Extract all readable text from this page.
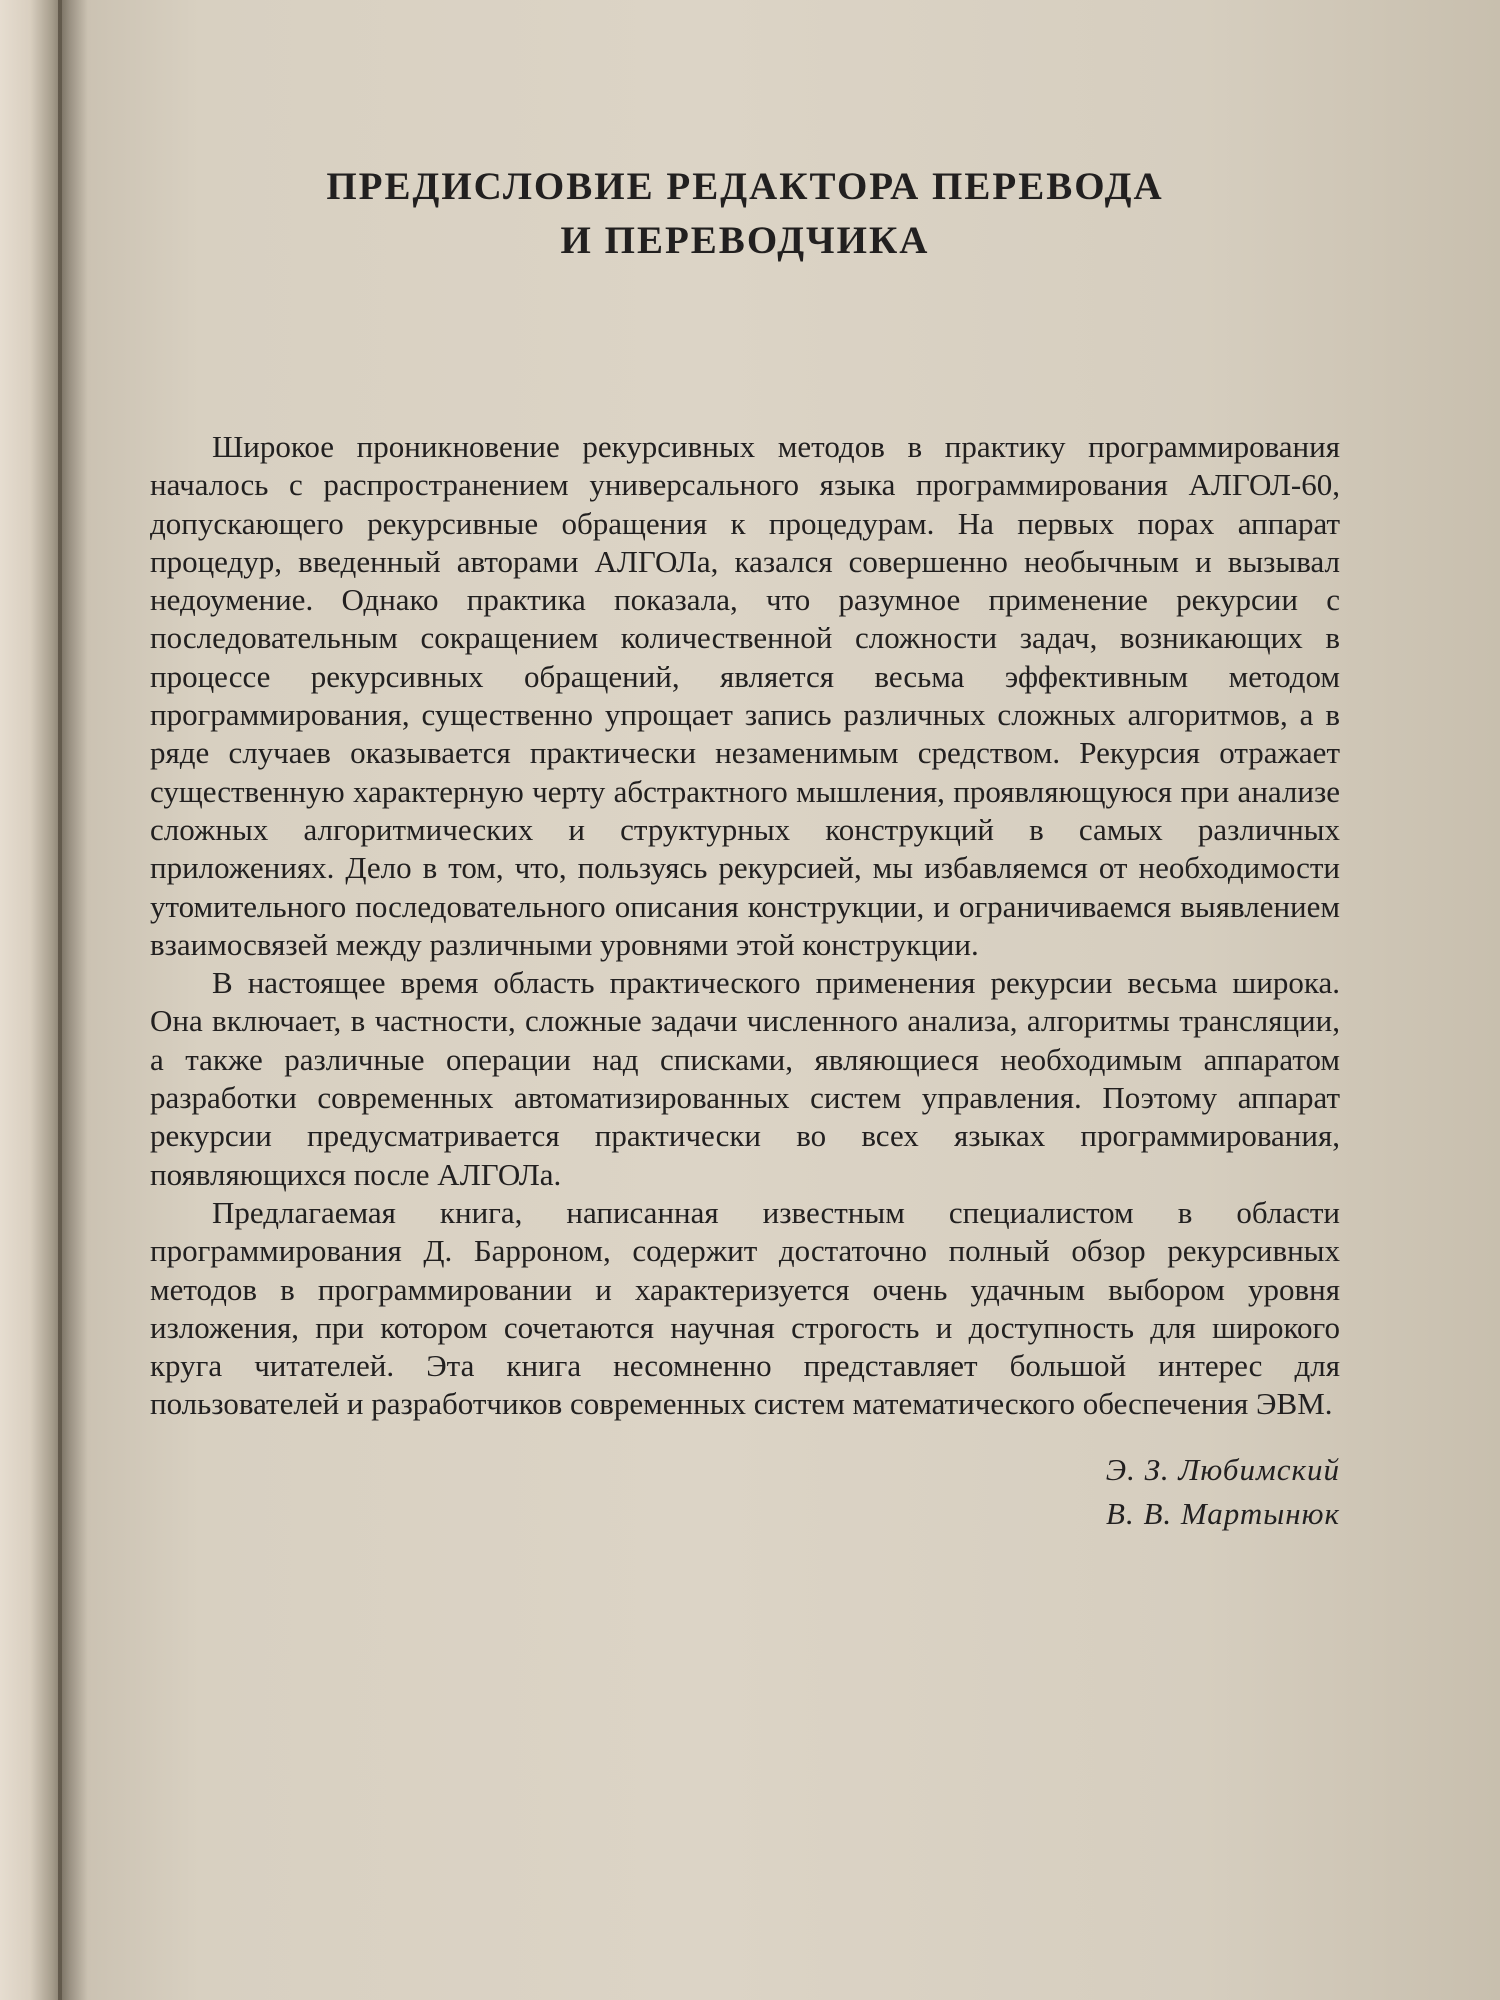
ПРЕДИСЛОВИЕ РЕДАКТОРА ПЕРЕВОДА
И ПЕРЕВОДЧИКА

Широкое проникновение рекурсивных методов в практику программирования началось с распространением универсального языка программирования АЛГОЛ-60, допускающего рекурсивные обращения к процедурам. На первых порах аппарат процедур, введенный авторами АЛГОЛа, казался совершенно необычным и вызывал недоумение. Однако практика показала, что разумное применение рекурсии с последовательным сокращением количественной сложности задач, возникающих в процессе рекурсивных обращений, является весьма эффективным методом программирования, существенно упрощает запись различных сложных алгоритмов, а в ряде случаев оказывается практически незаменимым средством. Рекурсия отражает существенную характерную черту абстрактного мышления, проявляющуюся при анализе сложных алгоритмических и структурных конструкций в самых различных приложениях. Дело в том, что, пользуясь рекурсией, мы избавляемся от необходимости утомительного последовательного описания конструкции, и ограничиваемся выявлением взаимосвязей между различными уровнями этой конструкции.

В настоящее время область практического применения рекурсии весьма широка. Она включает, в частности, сложные задачи численного анализа, алгоритмы трансляции, а также различные операции над списками, являющиеся необходимым аппаратом разработки современных автоматизированных систем управления. Поэтому аппарат рекурсии предусматривается практически во всех языках программирования, появляющихся после АЛГОЛа.

Предлагаемая книга, написанная известным специалистом в области программирования Д. Барроном, содержит достаточно полный обзор рекурсивных методов в программировании и характеризуется очень удачным выбором уровня изложения, при котором сочетаются научная строгость и доступность для широкого круга читателей. Эта книга несомненно представляет большой интерес для пользователей и разработчиков современных систем математического обеспечения ЭВМ.

Э. З. Любимский
В. В. Мартынюк
